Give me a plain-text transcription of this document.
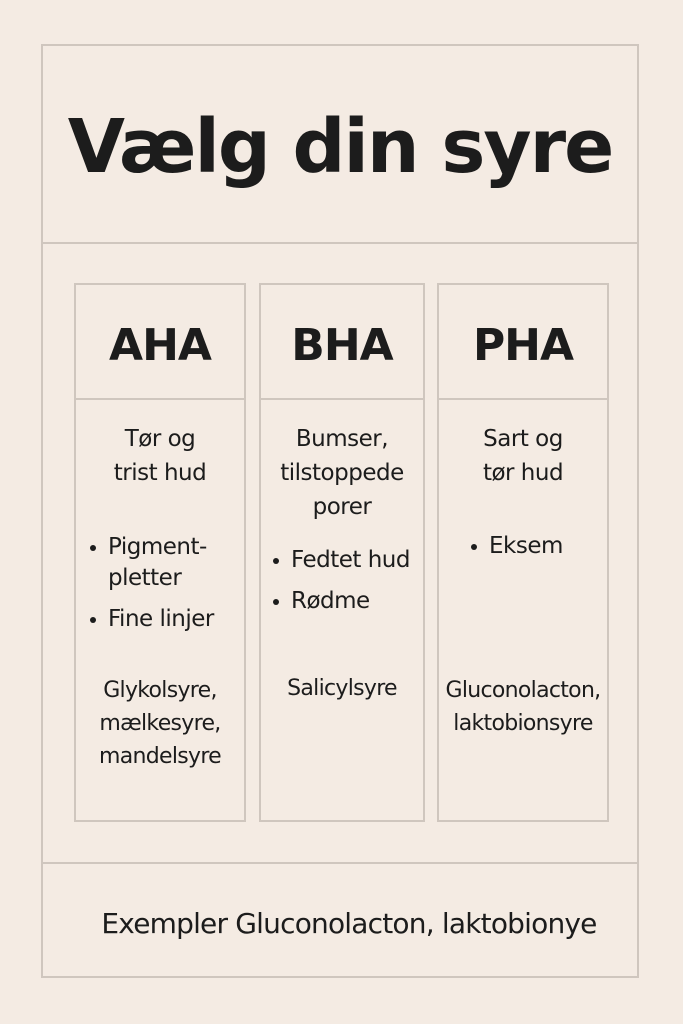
Vælg din syre
Exempler Gluconolacton, laktobionye
AHA
Tør og
trist hud
Pigment-
pletter
Fine linjer
Glykolsyre,
mælkesyre,
mandelsyre
BHA
Bumser,
tilstoppede
porer
Fedtet hud
Rødme
Salicylsyre
PHA
Sart og
tør hud
Eksem
Gluconolacton,
laktobionsyre
